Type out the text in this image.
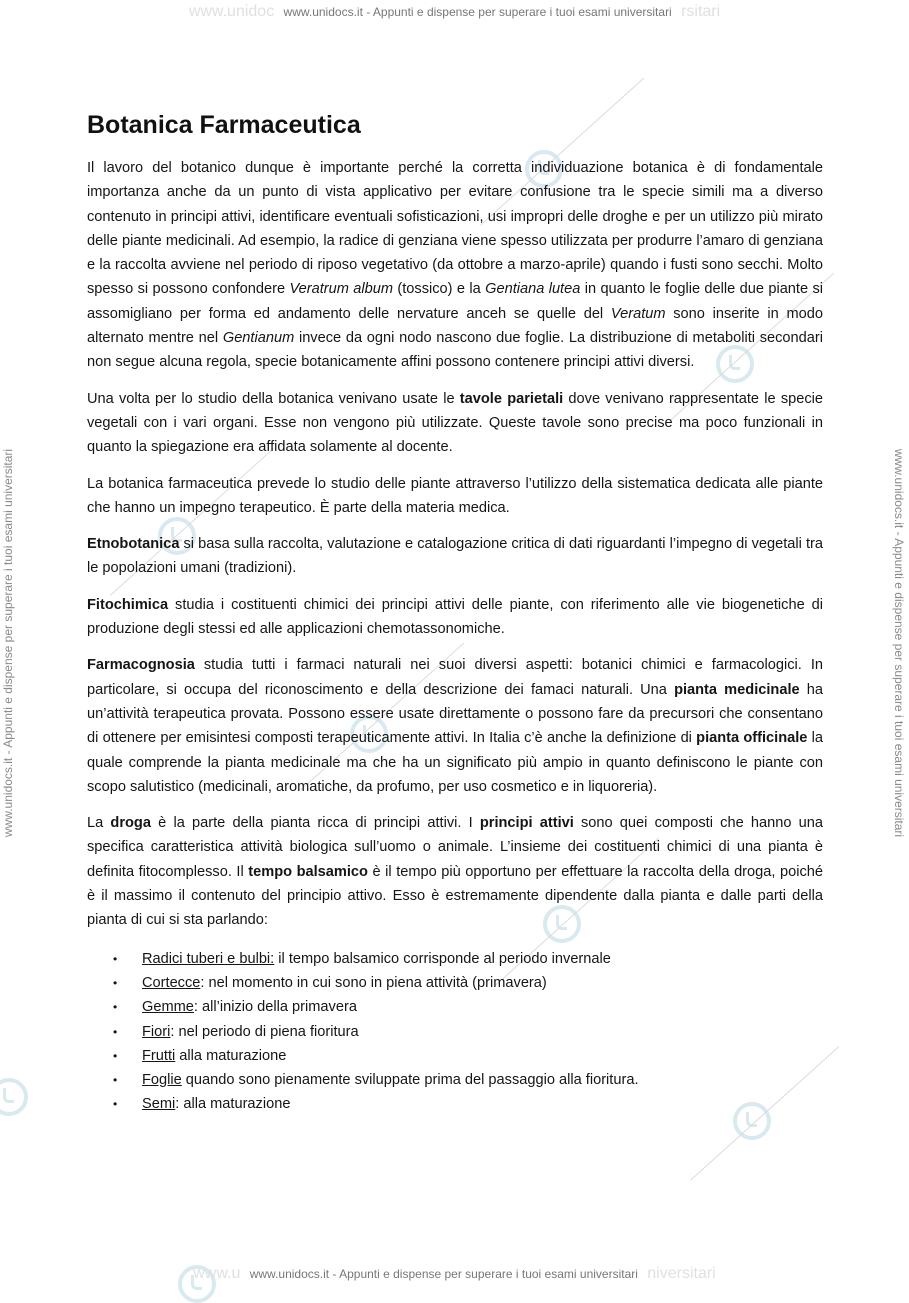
www.unidoc www.unidocs.it - Appunti e dispense per superare i tuoi esami universitari rsitari
www.unidocs.it - Appunti e dispense per superare i tuoi esami universitari	www.unidocs.it - Appunti e dispense per superare i tuoi esami universitari
Botanica Farmaceutica

Il lavoro del botanico dunque è importante perché la corretta individuazione botanica è di fondamentale importanza anche da un punto di vista applicativo per evitare confusione tra le specie simili ma a diverso contenuto in principi attivi, identificare eventuali sofisticazioni, usi impropri delle droghe e per un utilizzo più mirato delle piante medicinali. Ad esempio, la radice di genziana viene spesso utilizzata per produrre l’amaro di genziana e la raccolta avviene nel periodo di riposo vegetativo (da ottobre a marzo-aprile) quando i fusti sono secchi. Molto spesso si possono confondere Veratrum album (tossico) e la Gentiana lutea in quanto le foglie delle due piante si assomigliano per forma ed andamento delle nervature anceh se quelle del Veratum sono inserite in modo alternato mentre nel Gentianum invece da ogni nodo nascono due foglie. La distribuzione di metaboliti secondari non segue alcuna regola, specie botanicamente affini possono contenere principi attivi diversi.

Una volta per lo studio della botanica venivano usate le tavole parietali dove venivano rappresentate le specie vegetali con i vari organi. Esse non vengono più utilizzate. Queste tavole sono precise ma poco funzionali in quanto la spiegazione era affidata solamente al docente.

La botanica farmaceutica prevede lo studio delle piante attraverso l’utilizzo della sistematica dedicata alle piante che hanno un impegno terapeutico. È parte della materia medica.

Etnobotanica si basa sulla raccolta, valutazione e catalogazione critica di dati riguardanti l’impegno di vegetali tra le popolazioni umani (tradizioni).

Fitochimica studia i costituenti chimici dei principi attivi delle piante, con riferimento alle vie biogenetiche di produzione degli stessi ed alle applicazioni chemotassonomiche.

Farmacognosia studia tutti i farmaci naturali nei suoi diversi aspetti: botanici chimici e farmacologici. In particolare, si occupa del riconoscimento e della descrizione dei famaci naturali. Una pianta medicinale ha un’attività terapeutica provata. Possono essere usate direttamente o possono fare da precursori che consentano di ottenere per emisintesi composti terapeuticamente attivi. In Italia c’è anche la definizione di pianta officinale la quale comprende la pianta medicinale ma che ha un significato più ampio in quanto definiscono le piante con scopo salutistico (medicinali, aromatiche, da profumo, per uso cosmetico e in liquoreria).

La droga è la parte della pianta ricca di principi attivi. I principi attivi sono quei composti che hanno una specifica caratteristica attività biologica sull’uomo o animale. L’insieme dei costituenti chimici di una pianta è definita fitocomplesso. Il tempo balsamico è il tempo più opportuno per effettuare la raccolta della droga, poiché è il massimo il contenuto del principio attivo. Esso è estremamente dipendente dalla pianta e dalle parti della pianta di cui si sta parlando:

• Radici tuberi e bulbi: il tempo balsamico corrisponde al periodo invernale
• Cortecce: nel momento in cui sono in piena attività (primavera)
• Gemme: all’inizio della primavera
• Fiori: nel periodo di piena fioritura
• Frutti alla maturazione
• Foglie quando sono pienamente sviluppate prima del passaggio alla fioritura.
• Semi: alla maturazione
www.u www.unidocs.it - Appunti e dispense per superare i tuoi esami universitari niversitari
